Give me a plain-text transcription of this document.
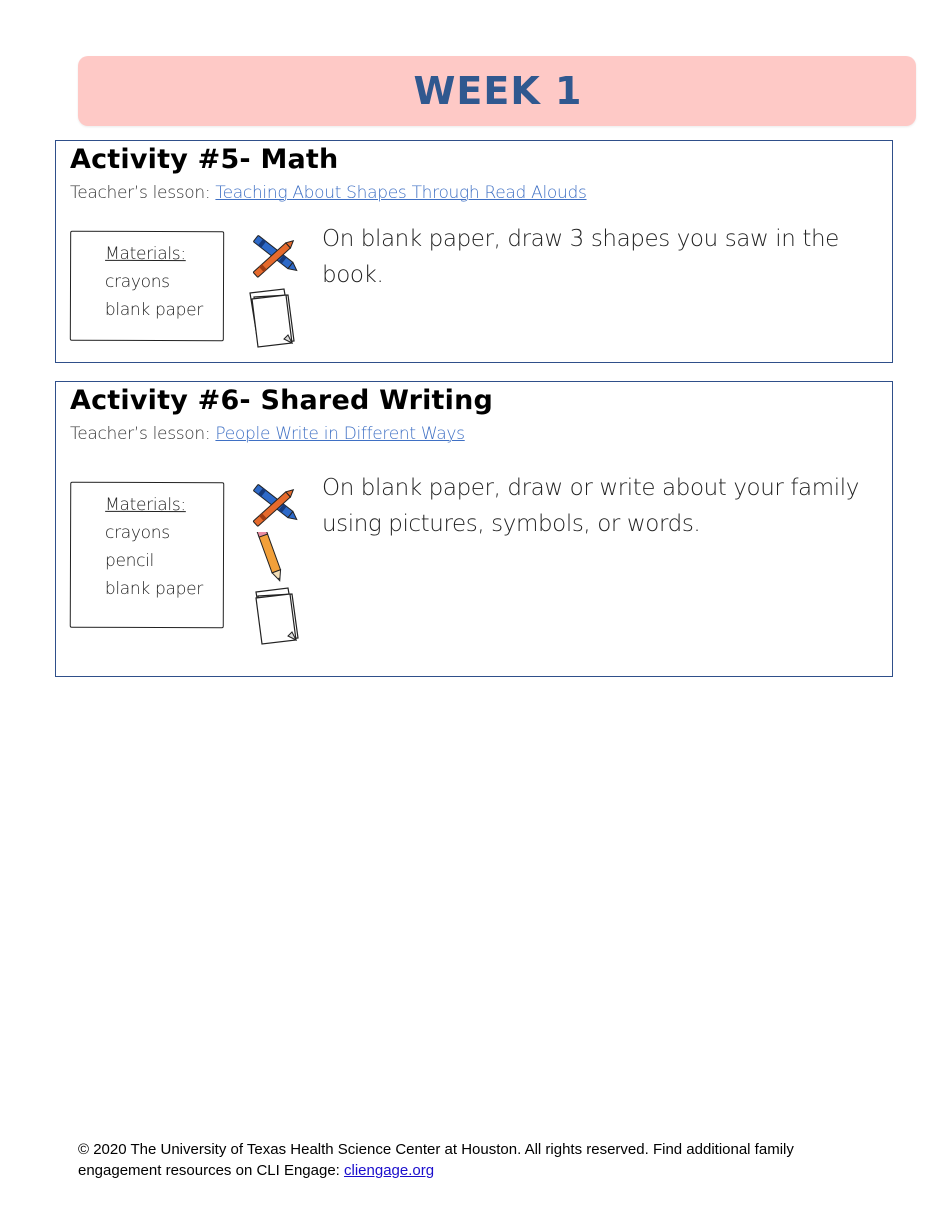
WEEK 1
Activity #5- Math
Teacher’s lesson: Teaching About Shapes Through Read Alouds
Materials:
crayons
blank paper
On blank paper, draw 3 shapes you saw in the book.
Activity #6- Shared Writing
Teacher’s lesson: People Write in Different Ways
Materials:
crayons
pencil
blank paper
On blank paper, draw or write about your family using pictures, symbols, or words.
© 2020 The University of Texas Health Science Center at Houston. All rights reserved. Find additional family engagement resources on CLI Engage: cliengage.org
